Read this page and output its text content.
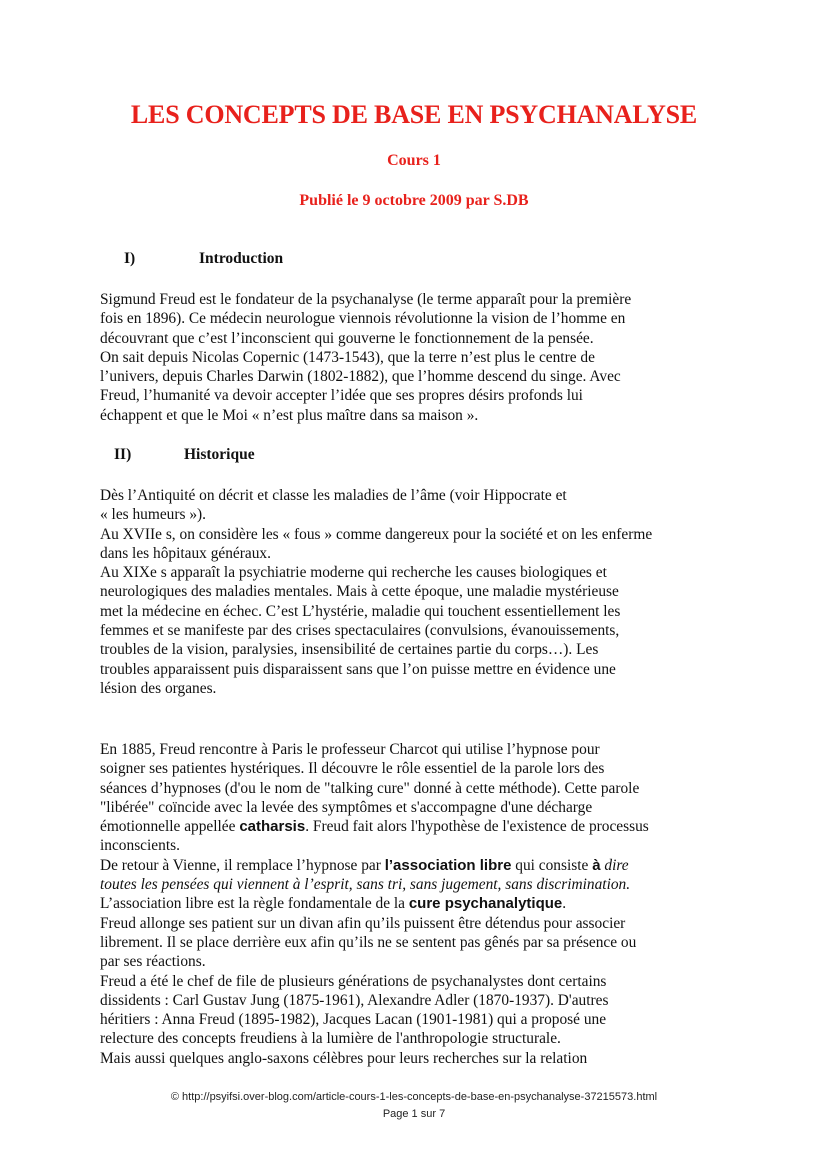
LES CONCEPTS DE BASE EN PSYCHANALYSE
Cours 1
Publié le 9 octobre 2009 par S.DB
I)	Introduction
Sigmund Freud est le fondateur de la psychanalyse (le terme apparaît pour la première
fois en 1896). Ce médecin neurologue viennois révolutionne la vision de l’homme en
découvrant que c’est l’inconscient qui gouverne le fonctionnement de la pensée.
On sait depuis Nicolas Copernic (1473-1543), que la terre n’est plus le centre de
l’univers, depuis Charles Darwin (1802-1882), que l’homme descend du singe. Avec
Freud, l’humanité va devoir accepter l’idée que ses propres désirs profonds lui
échappent et que le Moi « n’est plus maître dans sa maison ».
II)	Historique
Dès l’Antiquité on décrit et classe les maladies de l’âme (voir Hippocrate et
« les humeurs »).
Au XVIIe s, on considère les « fous » comme dangereux pour la société et on les enferme
dans les hôpitaux généraux.
Au XIXe s apparaît la psychiatrie moderne qui recherche les causes biologiques et
neurologiques des maladies mentales. Mais à cette époque, une maladie mystérieuse
met la médecine en échec. C’est L’hystérie, maladie qui touchent essentiellement les
femmes et se manifeste par des crises spectaculaires (convulsions, évanouissements,
troubles de la vision, paralysies, insensibilité de certaines partie du corps…). Les
troubles apparaissent puis disparaissent sans que l’on puisse mettre en évidence une
lésion des organes.
En 1885, Freud rencontre à Paris le professeur Charcot qui utilise l’hypnose pour
soigner ses patientes hystériques. Il découvre le rôle essentiel de la parole lors des
séances d’hypnoses (d'ou le nom de "talking cure" donné à cette méthode). Cette parole
"libérée" coïncide avec la levée des symptômes et s'accompagne d'une décharge
émotionnelle appellée catharsis. Freud fait alors l'hypothèse de l'existence de processus
inconscients.
De retour à Vienne, il remplace l’hypnose par l’association libre qui consiste à dire
toutes les pensées qui viennent à l’esprit, sans tri, sans jugement, sans discrimination.
L’association libre est la règle fondamentale de la cure psychanalytique.
Freud allonge ses patient sur un divan afin qu’ils puissent être détendus pour associer
librement. Il se place derrière eux afin qu’ils ne se sentent pas gênés par sa présence ou
par ses réactions.
Freud a été le chef de file de plusieurs générations de psychanalystes dont certains
dissidents : Carl Gustav Jung (1875-1961), Alexandre Adler (1870-1937). D'autres
héritiers : Anna Freud (1895-1982), Jacques Lacan (1901-1981) qui a proposé une
relecture des concepts freudiens à la lumière de l'anthropologie structurale.
Mais aussi quelques anglo-saxons célèbres pour leurs recherches sur la relation
© http://psyifsi.over-blog.com/article-cours-1-les-concepts-de-base-en-psychanalyse-37215573.html
Page 1 sur 7
